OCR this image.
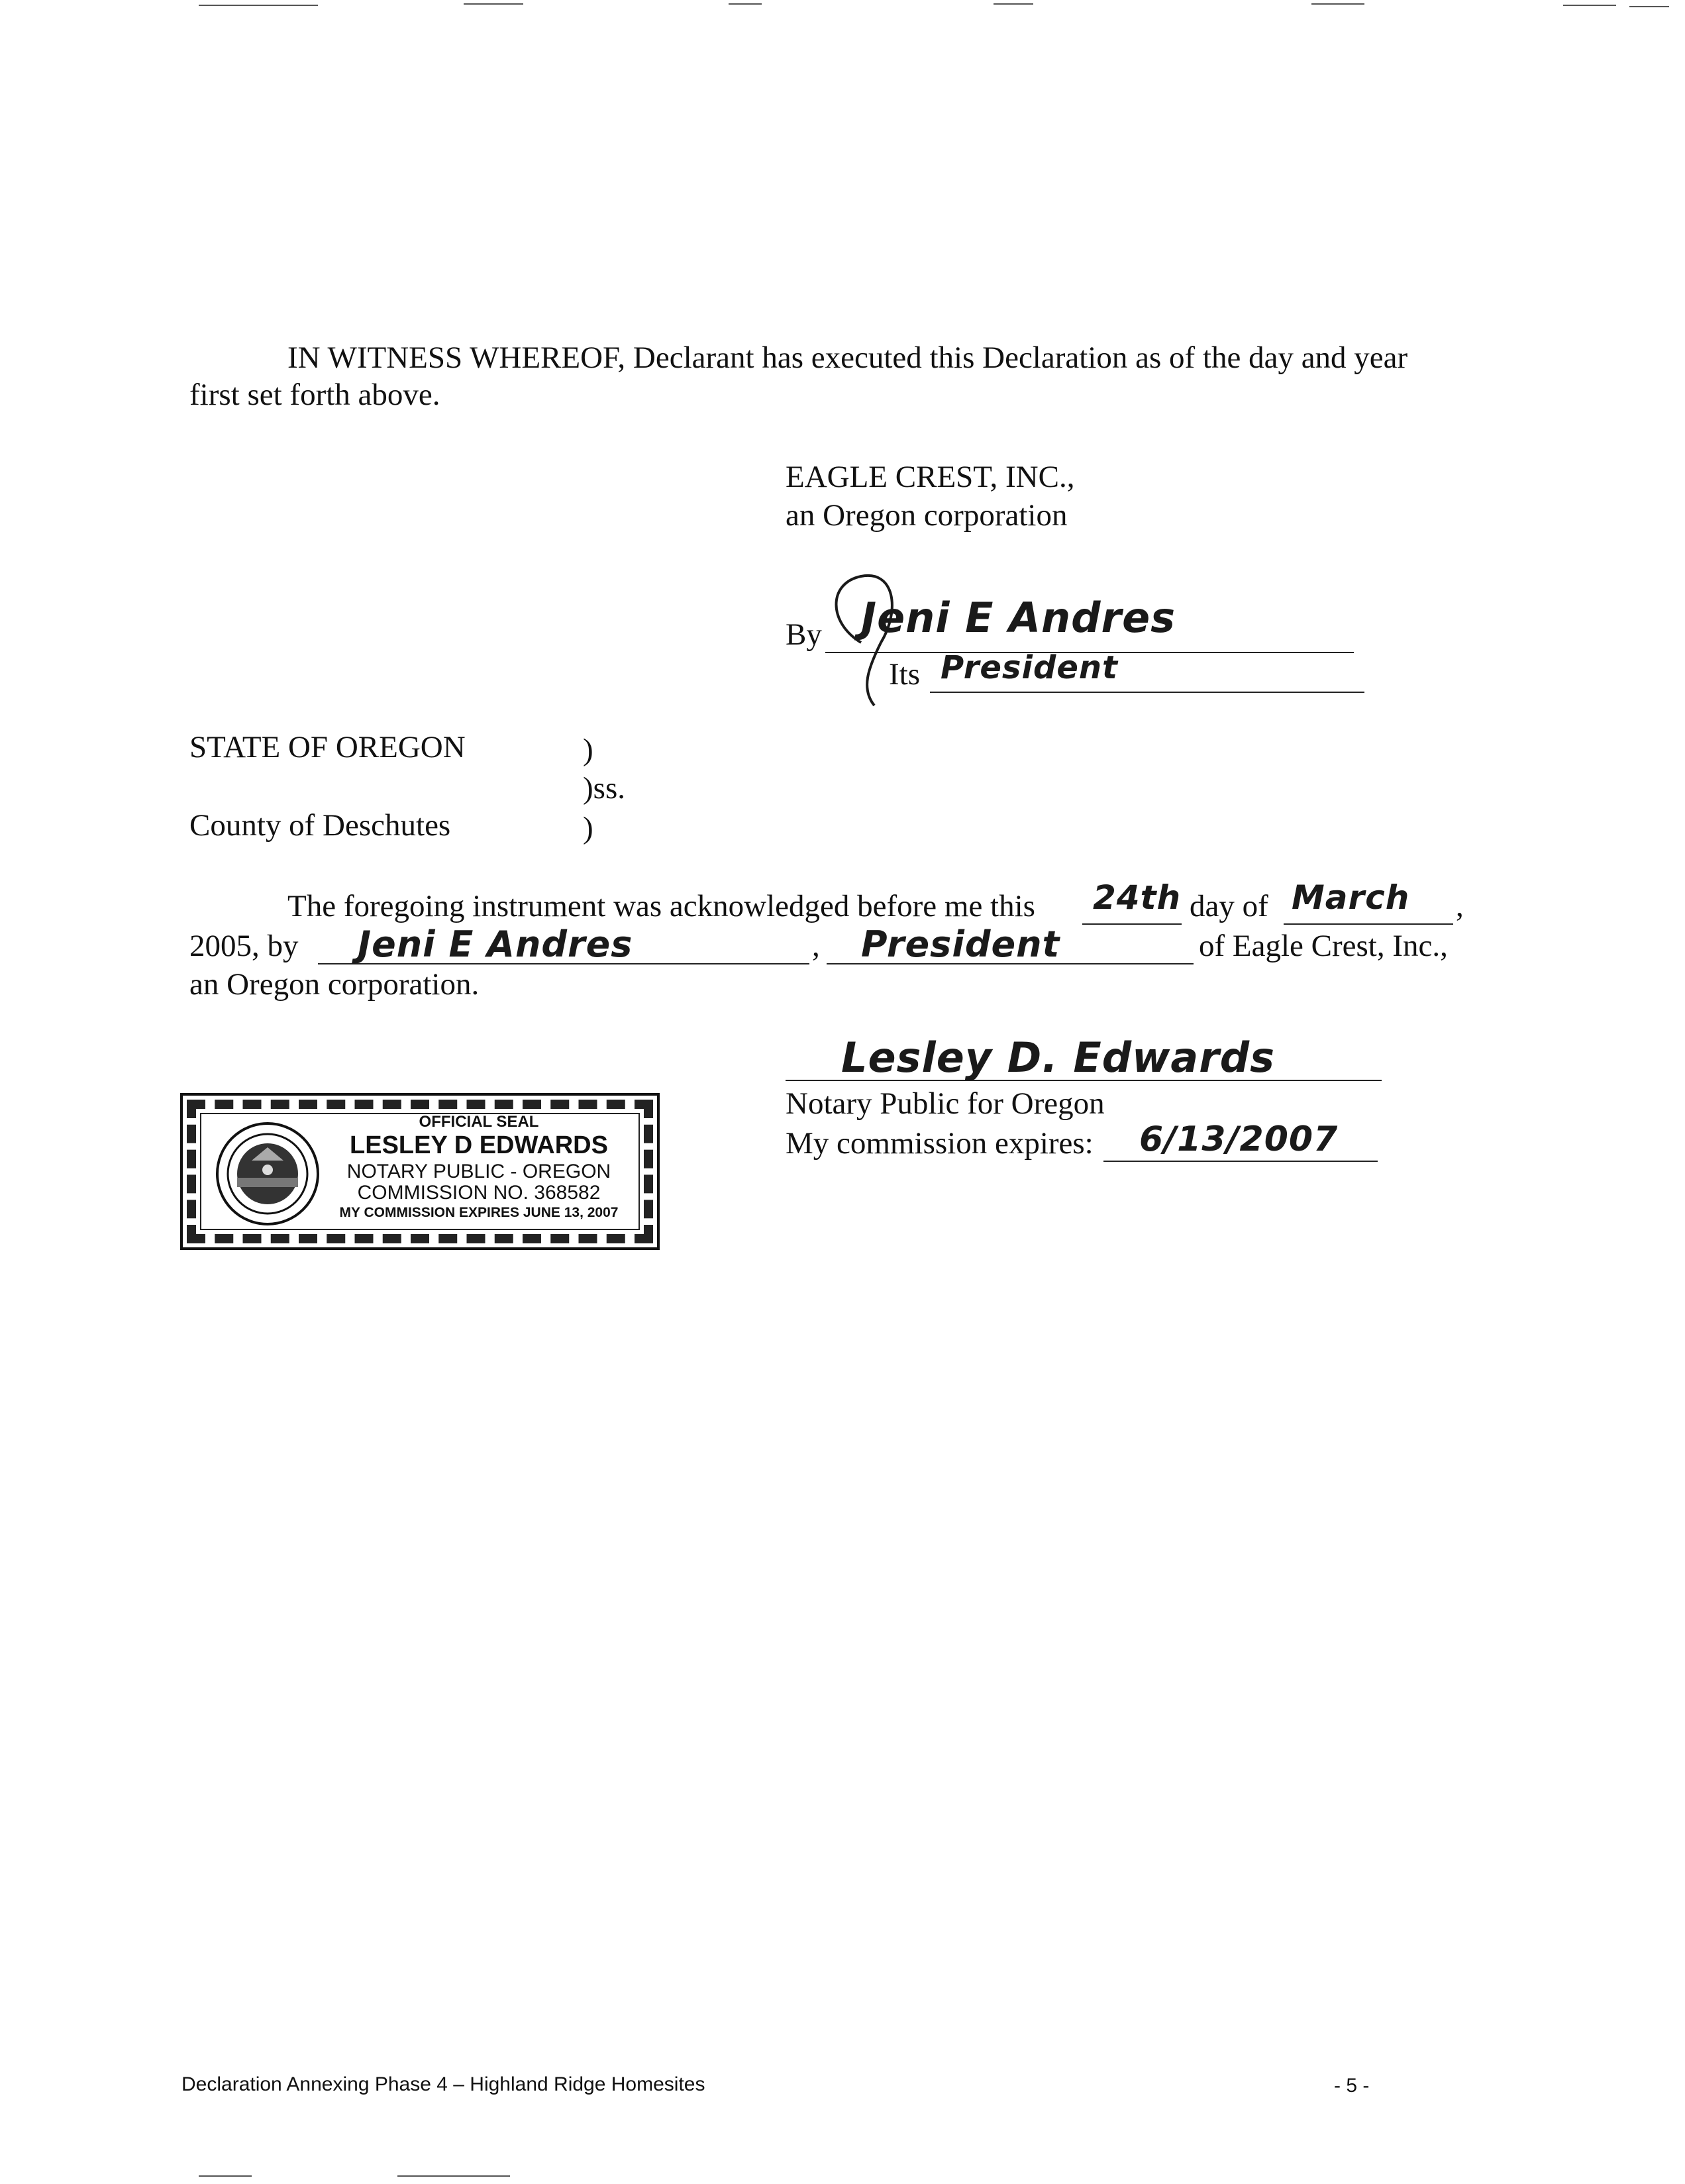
IN WITNESS WHEREOF, Declarant has executed this Declaration as of the day and year
first set forth above.
EAGLE CREST, INC.,
an Oregon corporation
By Jeni E Andres
Its President
STATE OF OREGON	)
)ss.
County of Deschutes	)
The foregoing instrument was acknowledged before me this 24th day of March ,
2005, by Jeni E Andres	, President	of Eagle Crest, Inc.,
an Oregon corporation.
Lesley D. Edwards
Notary Public for Oregon
My commission expires: 6/13/2007
OFFICIAL SEAL
LESLEY D EDWARDS
NOTARY PUBLIC - OREGON
COMMISSION NO. 368582
MY COMMISSION EXPIRES JUNE 13, 2007
Declaration Annexing Phase 4 – Highland Ridge Homesites	- 5 -
